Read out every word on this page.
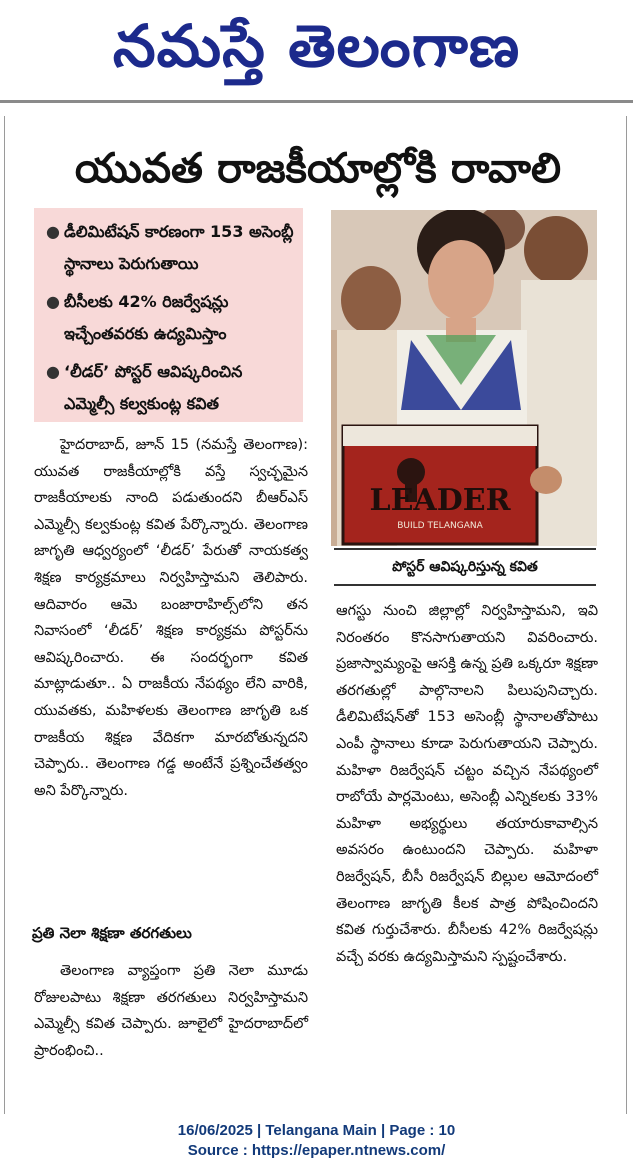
నమస్తే తెలంగాణ
యువత రాజకీయాల్లోకి రావాలి
● డీలిమిటేషన్ కారణంగా 153 అసెంబ్లీ స్థానాలు పెరుగుతాయి
● బీసీలకు 42% రిజర్వేషన్లు ఇచ్చేంతవరకు ఉద్యమిస్తాం
● ‘లీడర్’ పోస్టర్ ఆవిష్కరించిన ఎమ్మెల్సీ కల్వకుంట్ల కవిత
LEADER
BUILD TELANGANA
పోస్టర్ ఆవిష్కరిస్తున్న కవిత
హైదరాబాద్, జూన్ 15 (నమస్తే తెలంగాణ): యువత రాజకీయాల్లోకి వస్తే స్వచ్ఛమైన రాజకీయాలకు నాంది పడుతుందని బీఆర్ఎస్ ఎమ్మెల్సీ కల్వకుంట్ల కవిత పేర్కొన్నారు. తెలంగాణ జాగృతి ఆధ్వర్యంలో ‘లీడర్’ పేరుతో నాయకత్వ శిక్షణ కార్యక్రమాలు నిర్వహిస్తామని తెలిపారు. ఆదివారం ఆమె బంజారాహిల్స్‌లోని తన నివాసంలో ‘లీడర్’ శిక్షణ కార్యక్రమ పోస్టర్‌ను ఆవిష్కరించారు. ఈ సందర్భంగా కవిత మాట్లాడుతూ.. ఏ రాజకీయ నేపథ్యం లేని వారికి, యువతకు, మహిళలకు తెలంగాణ జాగృతి ఒక రాజకీయ శిక్షణ వేదికగా మారబోతున్నదని చెప్పారు.. తెలంగాణ గడ్డ అంటేనే ప్రశ్నించేతత్వం అని పేర్కొన్నారు.
ప్రతి నెలా శిక్షణా తరగతులు
తెలంగాణ వ్యాప్తంగా ప్రతి నెలా మూడు రోజులపాటు శిక్షణా తరగతులు నిర్వహిస్తామని ఎమ్మెల్సీ కవిత చెప్పారు. జూలైలో హైదరాబాద్‌లో ప్రారంభించి..
ఆగస్టు నుంచి జిల్లాల్లో నిర్వహిస్తామని, ఇవి నిరంతరం కొనసాగుతాయని వివరించారు. ప్రజాస్వామ్యంపై ఆసక్తి ఉన్న ప్రతి ఒక్కరూ శిక్షణా తరగతుల్లో పాల్గొనాలని పిలుపునిచ్చారు. డీలిమిటేషన్‌తో 153 అసెంబ్లీ స్థానాలతోపాటు ఎంపీ స్థానాలు కూడా పెరుగుతాయని చెప్పారు. మహిళా రిజర్వేషన్ చట్టం వచ్చిన నేపథ్యంలో రాబోయే పార్లమెంటు, అసెంబ్లీ ఎన్నికలకు 33% మహిళా అభ్యర్థులు తయారుకావాల్సిన అవసరం ఉంటుందని చెప్పారు. మహిళా రిజర్వేషన్, బీసీ రిజర్వేషన్ బిల్లుల ఆమోదంలో తెలంగాణ జాగృతి కీలక పాత్ర పోషించిందని కవిత గుర్తుచేశారు. బీసీలకు 42% రిజర్వేషన్లు వచ్చే వరకు ఉద్యమిస్తామని స్పష్టంచేశారు.
16/06/2025 | Telangana Main | Page : 10
Source : https://epaper.ntnews.com/
